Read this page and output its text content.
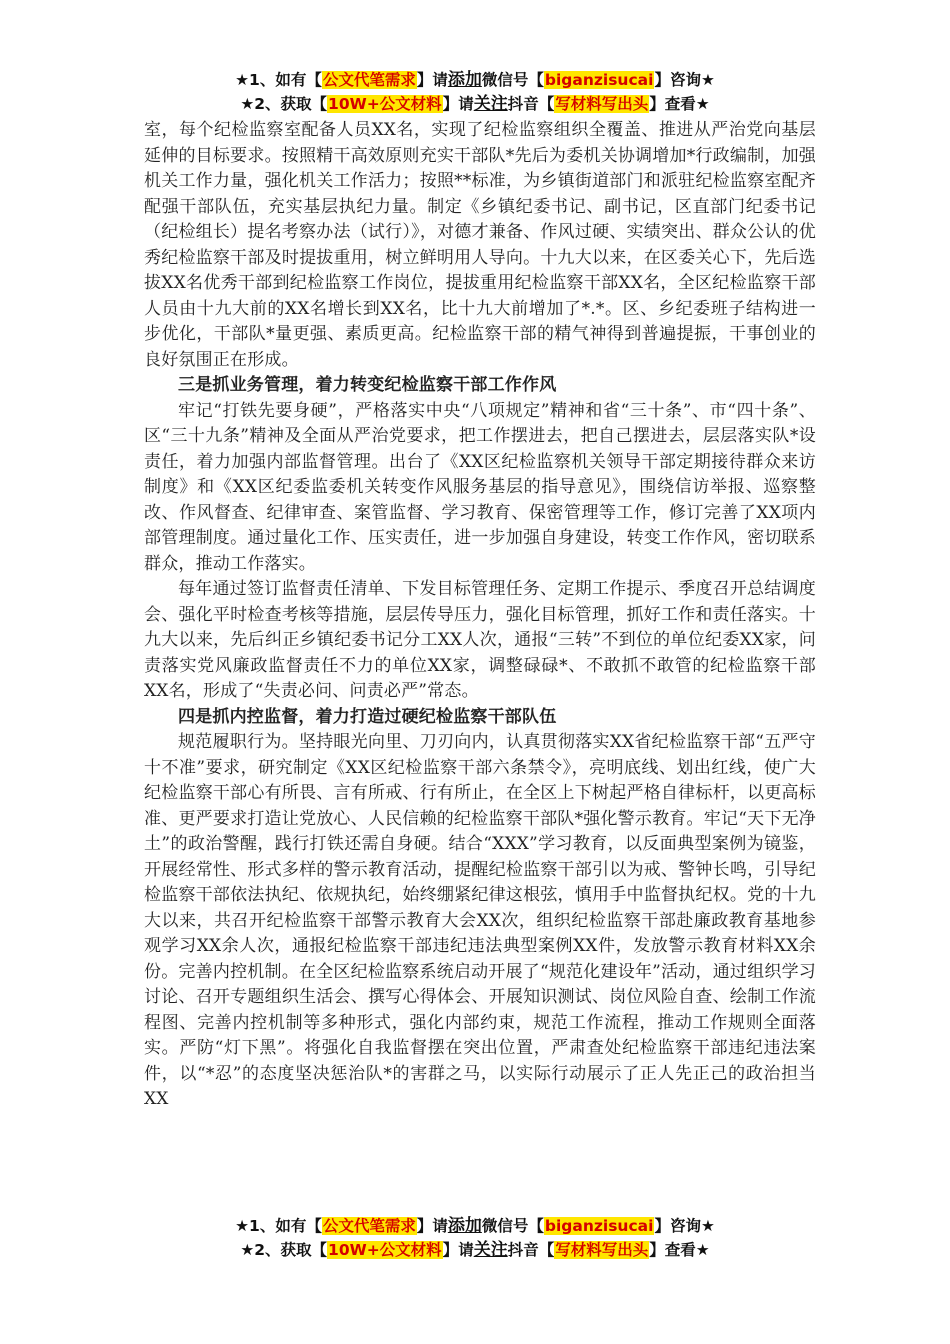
★1、如有【公文代笔需求】请添加微信号【biganzisucai】咨询★
★2、获取【10W+公文材料】请关注抖音【写材料写出头】查看★

室，每个纪检监察室配备人员XX名，实现了纪检监察组织全覆盖、推进从严治党向基层延伸的目标要求。按照精干高效原则充实干部队*先后为委机关协调增加*行政编制，加强机关工作力量，强化机关工作活力；按照**标准，为乡镇街道部门和派驻纪检监察室配齐配强干部队伍，充实基层执纪力量。制定《乡镇纪委书记、副书记，区直部门纪委书记（纪检组长）提名考察办法（试行）》，对德才兼备、作风过硬、实绩突出、群众公认的优秀纪检监察干部及时提拔重用，树立鲜明用人导向。十九大以来，在区委关心下，先后选拔XX名优秀干部到纪检监察工作岗位，提拔重用纪检监察干部XX名，全区纪检监察干部人员由十九大前的XX名增长到XX名，比十九大前增加了*.*。区、乡纪委班子结构进一步优化，干部队*量更强、素质更高。纪检监察干部的精气神得到普遍提振，干事创业的良好氛围正在形成。

三是抓业务管理，着力转变纪检监察干部工作作风

牢记“打铁先要身硬”，严格落实中央“八项规定”精神和省“三十条”、市“四十条”、区“三十九条”精神及全面从严治党要求，把工作摆进去，把自己摆进去，层层落实队*设责任，着力加强内部监督管理。出台了《XX区纪检监察机关领导干部定期接待群众来访制度》和《XX区纪委监委机关转变作风服务基层的指导意见》，围绕信访举报、巡察整改、作风督查、纪律审查、案管监督、学习教育、保密管理等工作，修订完善了XX项内部管理制度。通过量化工作、压实责任，进一步加强自身建设，转变工作作风，密切联系群众，推动工作落实。

每年通过签订监督责任清单、下发目标管理任务、定期工作提示、季度召开总结调度会、强化平时检查考核等措施，层层传导压力，强化目标管理，抓好工作和责任落实。十九大以来，先后纠正乡镇纪委书记分工XX人次，通报“三转”不到位的单位纪委XX家，问责落实党风廉政监督责任不力的单位XX家，调整碌碌*、不敢抓不敢管的纪检监察干部XX名，形成了“失责必问、问责必严”常态。

四是抓内控监督，着力打造过硬纪检监察干部队伍

规范履职行为。坚持眼光向里、刀刃向内，认真贯彻落实XX省纪检监察干部“五严守十不准”要求，研究制定《XX区纪检监察干部六条禁令》，亮明底线、划出红线，使广大纪检监察干部心有所畏、言有所戒、行有所止，在全区上下树起严格自律标杆，以更高标准、更严要求打造让党放心、人民信赖的纪检监察干部队*强化警示教育。牢记“天下无净土”的政治警醒，践行打铁还需自身硬。结合“XXX”学习教育，以反面典型案例为镜鉴，开展经常性、形式多样的警示教育活动，提醒纪检监察干部引以为戒、警钟长鸣，引导纪检监察干部依法执纪、依规执纪，始终绷紧纪律这根弦，慎用手中监督执纪权。党的十九大以来，共召开纪检监察干部警示教育大会XX次，组织纪检监察干部赴廉政教育基地参观学习XX余人次，通报纪检监察干部违纪违法典型案例XX件，发放警示教育材料XX余份。完善内控机制。在全区纪检监察系统启动开展了“规范化建设年”活动，通过组织学习讨论、召开专题组织生活会、撰写心得体会、开展知识测试、岗位风险自查、绘制工作流程图、完善内控机制等多种形式，强化内部约束，规范工作流程，推动工作规则全面落实。严防“灯下黑”。将强化自我监督摆在突出位置，严肃查处纪检监察干部违纪违法案件，以“*忍”的态度坚决惩治队*的害群之马，以实际行动展示了正人先正己的政治担当XX

★1、如有【公文代笔需求】请添加微信号【biganzisucai】咨询★
★2、获取【10W+公文材料】请关注抖音【写材料写出头】查看★
